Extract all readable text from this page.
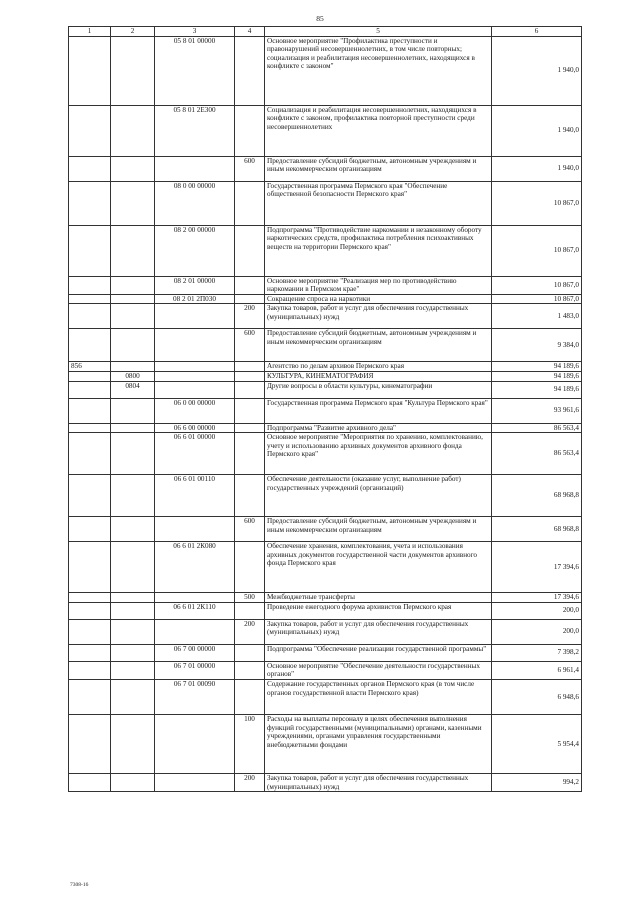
85
1	2	3	4	5	6
		05 8 01 00000		Основное мероприятие "Профилактика преступности и правонарушений несовершеннолетних, в том числе повторных; социализация и реабилитация несовершеннолетних, находящихся в конфликте с законом"	1 940,0
		05 8 01 2Е300		Социализация и реабилитация несовершеннолетних, находящихся в конфликте с законом, профилактика повторной преступности среди несовершеннолетних	1 940,0
			600	Предоставление субсидий бюджетным, автономным учреждениям и иным некоммерческим организациям	1 940,0
		08 0 00 00000		Государственная программа Пермского края "Обеспечение общественной безопасности Пермского края"	10 867,0
		08 2 00 00000		Подпрограмма "Противодействие наркомании и незаконному обороту наркотических средств, профилактика потребления психоактивных веществ на территории Пермского края"	10 867,0
		08 2 01 00000		Основное мероприятие "Реализация мер по противодействию наркомании в Пермском крае"	10 867,0
		08 2 01 2П030		Сокращение спроса на наркотики	10 867,0
			200	Закупка товаров, работ и услуг для обеспечения государственных (муниципальных) нужд	1 483,0
			600	Предоставление субсидий бюджетным, автономным учреждениям и иным некоммерческим организациям	9 384,0
856				Агентство по делам архивов Пермского края	94 189,6
	0800			КУЛЬТУРА, КИНЕМАТОГРАФИЯ	94 189,6
	0804			Другие вопросы в области культуры, кинематографии	94 189,6
		06 0 00 00000		Государственная программа Пермского края "Культура Пермского края"	93 961,6
		06 6 00 00000		Подпрограмма "Развитие архивного дела"	86 563,4
		06 6 01 00000		Основное мероприятие "Мероприятия по хранению, комплектованию, учету и использованию архивных документов архивного фонда Пермского края"	86 563,4
		06 6 01 00110		Обеспечение деятельности (оказание услуг, выполнение работ) государственных учреждений (организаций)	68 968,8
			600	Предоставление субсидий бюджетным, автономным учреждениям и иным некоммерческим организациям	68 968,8
		06 6 01 2К080		Обеспечение хранения, комплектования, учета и использования архивных документов государственной части документов архивного фонда Пермского края	17 394,6
			500	Межбюджетные трансферты	17 394,6
		06 6 01 2К110		Проведение ежегодного форума архивистов Пермского края	200,0
			200	Закупка товаров, работ и услуг для обеспечения государственных (муниципальных) нужд	200,0
		06 7 00 00000		Подпрограмма "Обеспечение реализации государственной программы"	7 398,2
		06 7 01 00000		Основное мероприятие "Обеспечение деятельности государственных органов"	6 961,4
		06 7 01 00090		Содержание государственных органов Пермского края (в том числе органов государственной власти Пермского края)	6 948,6
			100	Расходы на выплаты персоналу в целях обеспечения выполнения функций государственными (муниципальными) органами, казенными учреждениями, органами управления государственными внебюджетными фондами	5 954,4
			200	Закупка товаров, работ и услуг для обеспечения государственных (муниципальных) нужд	994,2
7308-16
